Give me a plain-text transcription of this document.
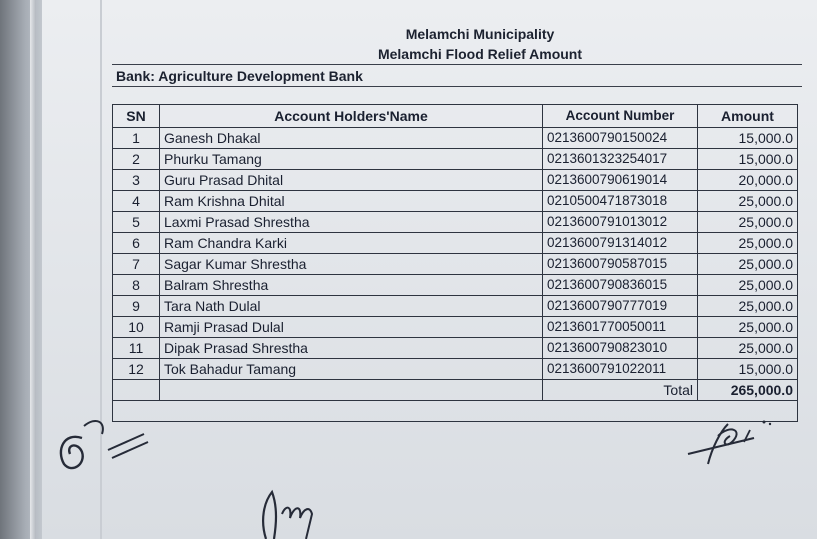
Melamchi Municipality
Melamchi Flood Relief Amount
Bank: Agriculture Development Bank
SN	Account Holders'Name	Account Number	Amount
1	Ganesh Dhakal	0213600790150024	15,000.0
2	Phurku Tamang	0213601323254017	15,000.0
3	Guru Prasad Dhital	0213600790619014	20,000.0
4	Ram Krishna Dhital	0210500471873018	25,000.0
5	Laxmi Prasad Shrestha	0213600791013012	25,000.0
6	Ram Chandra Karki	0213600791314012	25,000.0
7	Sagar Kumar Shrestha	0213600790587015	25,000.0
8	Balram Shrestha	0213600790836015	25,000.0
9	Tara Nath Dulal	0213600790777019	25,000.0
10	Ramji Prasad Dulal	0213601770050011	25,000.0
11	Dipak Prasad Shrestha	0213600790823010	25,000.0
12	Tok Bahadur Tamang	0213600791022011	15,000.0
		Total	265,000.0
